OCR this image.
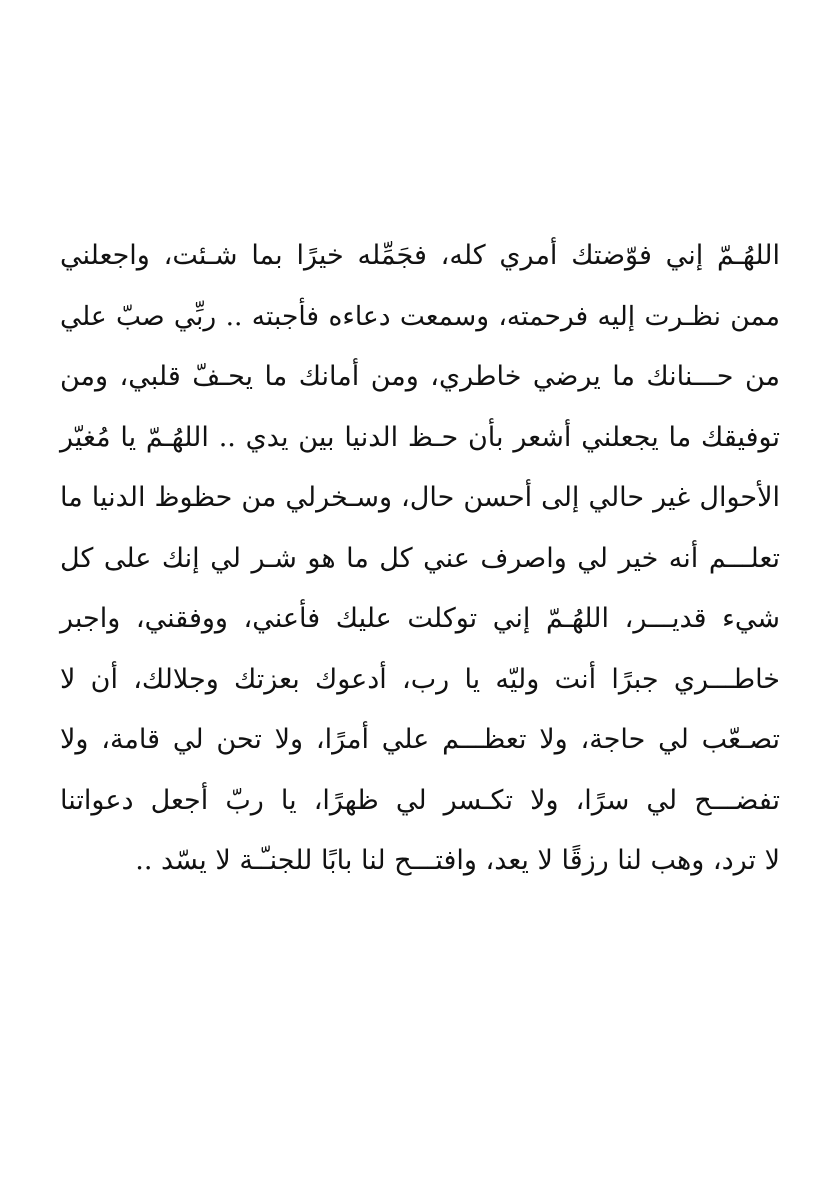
اللهُـمّ إني فوّضتك أمري كله، فجَمِّله خيرًا بما شـئت، واجعلني
ممن نظـرت إليه فرحمته، وسمعت دعاءه فأجبته .. ربِّي صبّ علي
من حـــنانك ما يرضي خاطري، ومن أمانك ما يحـفّ قلبي، ومن
توفيقك ما يجعلني أشعر بأن حـظ الدنيا بين يدي .. اللهُـمّ يا مُغيّر
الأحوال غير حالي إلى أحسن حال، وسـخرلي من حظوظ الدنيا ما
تعلـــم أنه خير لي واصرف عني كل ما هو شـر لي إنك على كل
شيء قديـــر، اللهُـمّ إني توكلت عليك فأعني، ووفقني، واجبر
خاطـــري جبرًا أنت وليّه يا رب، أدعوك بعزتك وجلالك، أن لا
تصـعّب لي حاجة، ولا تعظـــم علي أمرًا، ولا تحن لي قامة، ولا
تفضـــح لي سرًا، ولا تكـسر لي ظهرًا، يا ربّ أجعل دعواتنا
لا ترد، وهب لنا رزقًا لا يعد، وافتـــح لنا بابًا للجنـّـة لا يسّد ..
